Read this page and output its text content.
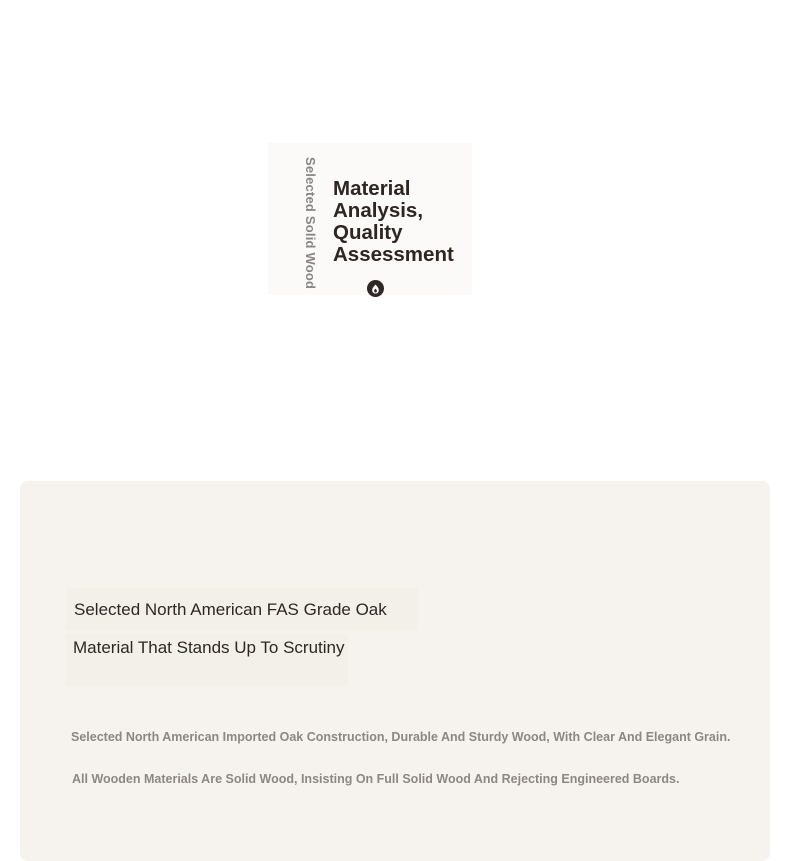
Selected Solid Wood Material
Analysis,
Quality
Assessment
Selected North American FAS Grade Oak
Material That Stands Up To Scrutiny
Selected North American Imported Oak Construction, Durable And Sturdy Wood, With Clear And Elegant Grain.
All Wooden Materials Are Solid Wood, Insisting On Full Solid Wood And Rejecting Engineered Boards.
